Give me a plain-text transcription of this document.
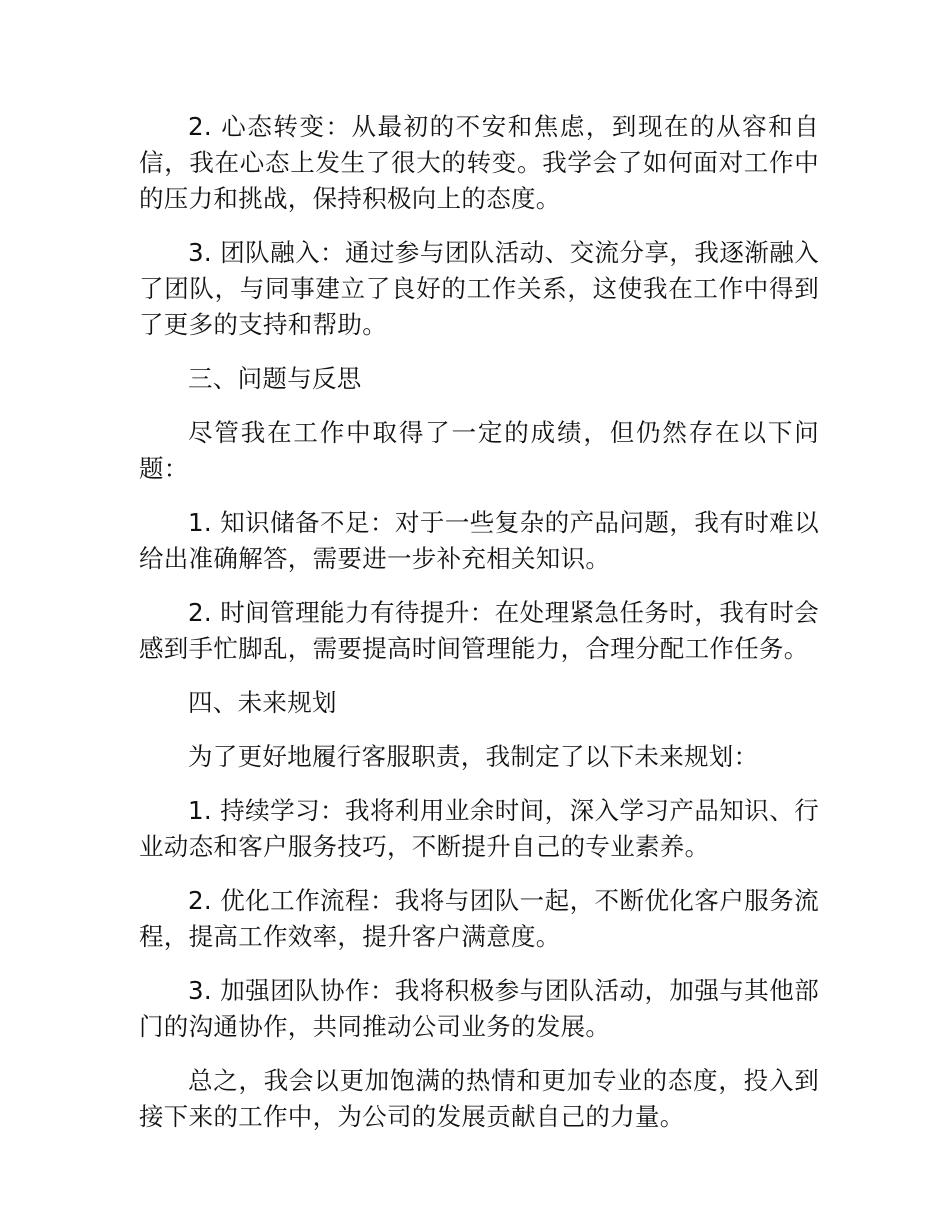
2. 心态转变：从最初的不安和焦虑，到现在的从容和自信，我在心态上发生了很大的转变。我学会了如何面对工作中的压力和挑战，保持积极向上的态度。

3. 团队融入：通过参与团队活动、交流分享，我逐渐融入了团队，与同事建立了良好的工作关系，这使我在工作中得到了更多的支持和帮助。

三、问题与反思

尽管我在工作中取得了一定的成绩，但仍然存在以下问题：

1. 知识储备不足：对于一些复杂的产品问题，我有时难以给出准确解答，需要进一步补充相关知识。

2. 时间管理能力有待提升：在处理紧急任务时，我有时会感到手忙脚乱，需要提高时间管理能力，合理分配工作任务。

四、未来规划

为了更好地履行客服职责，我制定了以下未来规划：

1. 持续学习：我将利用业余时间，深入学习产品知识、行业动态和客户服务技巧，不断提升自己的专业素养。

2. 优化工作流程：我将与团队一起，不断优化客户服务流程，提高工作效率，提升客户满意度。

3. 加强团队协作：我将积极参与团队活动，加强与其他部门的沟通协作，共同推动公司业务的发展。

总之，我会以更加饱满的热情和更加专业的态度，投入到接下来的工作中，为公司的发展贡献自己的力量。
